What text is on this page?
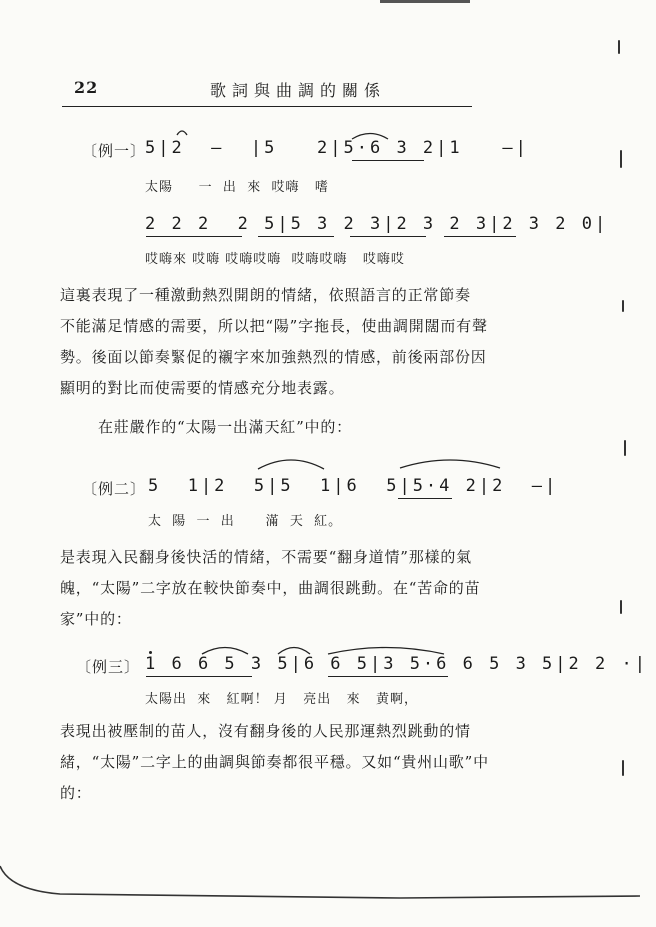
22	歌詞與曲調的關係
〔例一〕
5|2  —  |5   2|5·6 3 2|1   —|
太陽     一  出  來  哎嗨   嗜
2 2 2  2 5|5 3 2 3|2 3 2 3|2 3 2 0|
哎嗨來 哎嗨 哎嗨哎嗨  哎嗨哎嗨   哎嗨哎

這裏表現了一種激動熱烈開朗的情緒，依照語言的正常節奏

不能滿足情感的需要，所以把“陽”字拖長，使曲調開闊而有聲

勢。後面以節奏緊促的襯字來加強熱烈的情感，前後兩部份因

顯明的對比而使需要的情感充分地表露。

在莊嚴作的“太陽一出滿天紅”中的：

〔例二〕 5  1|2  5|5  1|6  5|5·4 2|2  —|
太  陽  一  出      滿  天  紅。

是表現入民翻身後快活的情緒，不需要“翻身道情”那樣的氣

魄，“太陽”二字放在較快節奏中，曲調很跳動。在“苦命的苗

家”中的：

〔例三〕 1 6 6 5 3 5|6 6 5|3 5·6 6 5 3 5|2 2 ·|
太陽出  來   紅啊！ 月   亮出   來   黄啊，

表現出被壓制的苗人，沒有翻身後的人民那運熱烈跳動的情

緒，“太陽”二字上的曲調與節奏都很平穩。又如“貴州山歌”中

的：
